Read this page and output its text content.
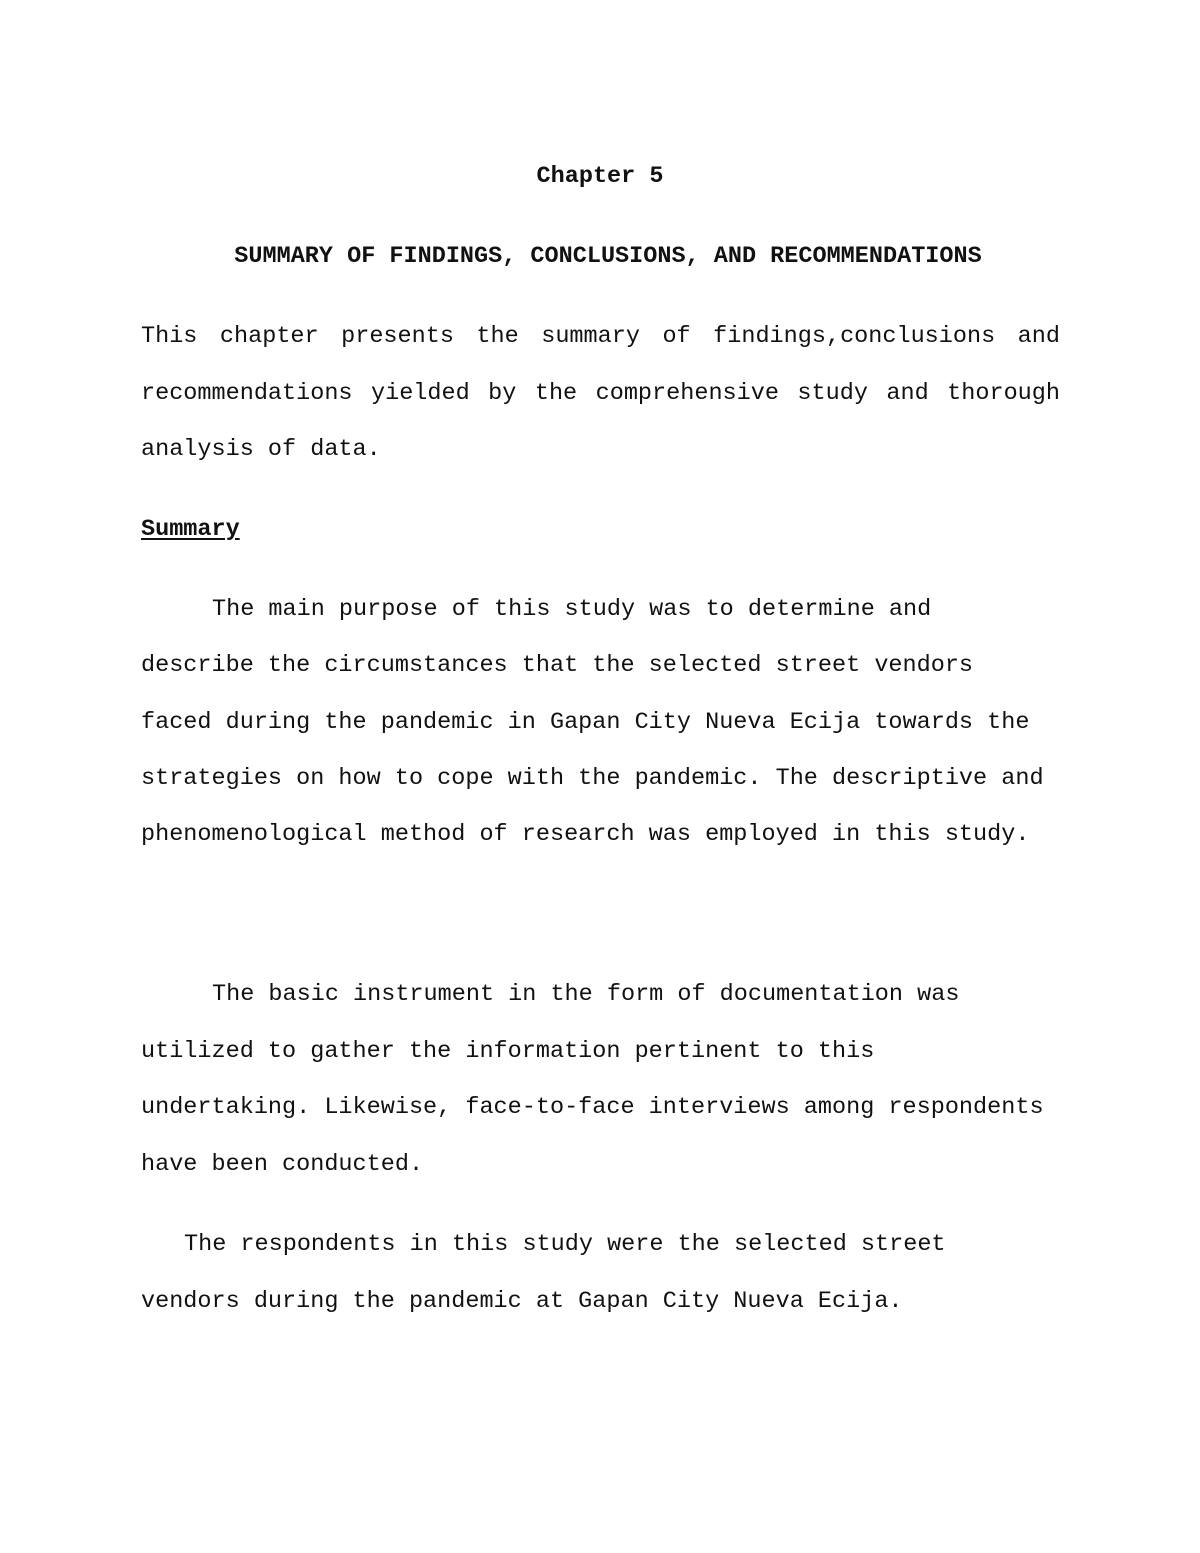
Chapter 5
SUMMARY OF FINDINGS, CONCLUSIONS, AND RECOMMENDATIONS
This chapter presents the summary of findings,conclusions and
recommendations yielded by the comprehensive study and thorough
analysis of data.
Summary
The main purpose of this study was to determine and
describe the circumstances that the selected street vendors
faced during the pandemic in Gapan City Nueva Ecija towards the
strategies on how to cope with the pandemic. The descriptive and
phenomenological method of research was employed in this study.
The basic instrument in the form of documentation was
utilized to gather the information pertinent to this
undertaking. Likewise, face-to-face interviews among respondents
have been conducted.
The respondents in this study were the selected street
vendors during the pandemic at Gapan City Nueva Ecija.
